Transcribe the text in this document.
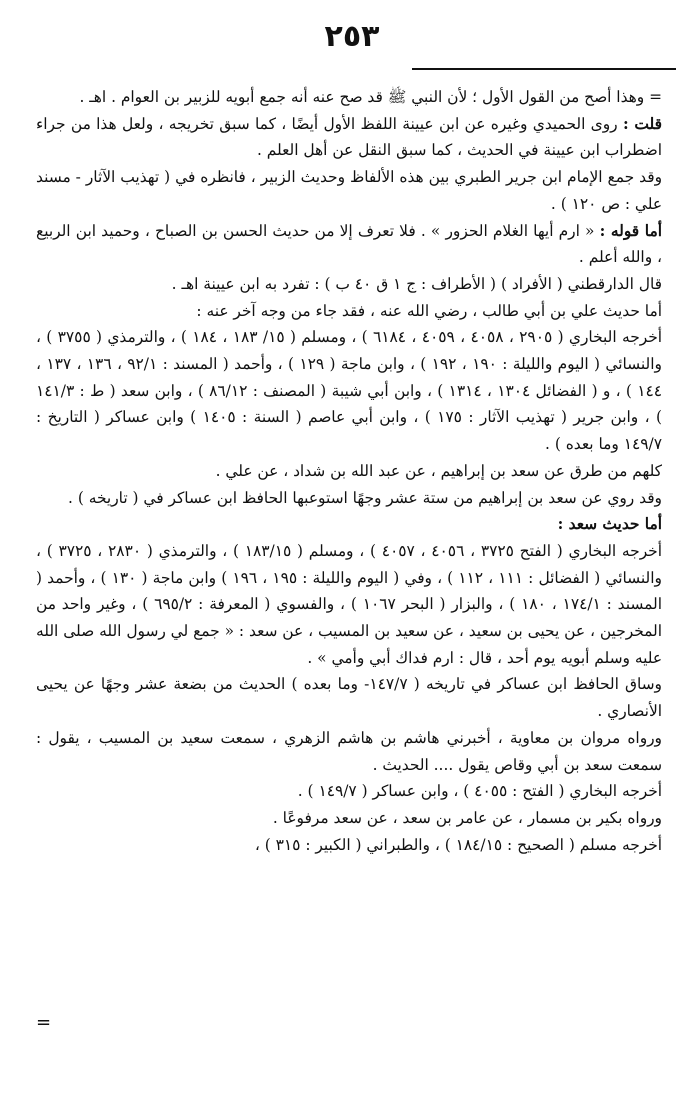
٢٥٣

= وهذا أصح من القول الأول ؛ لأن النبي ﷺ قد صح عنه أنه جمع أبويه للزبير بن العوام . اهـ .

قلت : روى الحميدي وغيره عن ابن عيينة اللفظ الأول أيضًا ، كما سبق تخريجه ، ولعل هذا من جراء اضطراب ابن عيينة في الحديث ، كما سبق النقل عن أهل العلم .

وقد جمع الإمام ابن جرير الطبري بين هذه الألفاظ وحديث الزبير ، فانظره في ( تهذيب الآثار - مسند علي : ص ١٢٠ ) .

أما قوله : « ارم أيها الغلام الحزور » . فلا تعرف إلا من حديث الحسن بن الصباح ، وحميد ابن الربيع ، والله أعلم .

قال الدارقطني ( الأفراد ) ( الأطراف : ج ١ ق ٤٠ ب ) : تفرد به ابن عيينة اهـ .

أما حديث علي بن أبي طالب ، رضي الله عنه ، فقد جاء من وجه آخر عنه :

أخرجه البخاري ( ٢٩٠٥ ، ٤٠٥٨ ، ٤٠٥٩ ، ٦١٨٤ ) ، ومسلم ( ١٥/ ١٨٣ ، ١٨٤ ) ، والترمذي ( ٣٧٥٥ ) ، والنسائي ( اليوم والليلة : ١٩٠ ، ١٩٢ ) ، وابن ماجة ( ١٢٩ ) ، وأحمد ( المسند : ٩٢/١ ، ١٣٦ ، ١٣٧ ، ١٤٤ ) ، و ( الفضائل ١٣٠٤ ، ١٣١٤ ) ، وابن أبي شيبة ( المصنف : ٨٦/١٢ ) ، وابن سعد ( ط : ١٤١/٣ ) ، وابن جرير ( تهذيب الآثار : ١٧٥ ) ، وابن أبي عاصم ( السنة : ١٤٠٥ ) وابن عساكر ( التاريخ : ١٤٩/٧ وما بعده ) .

كلهم من طرق عن سعد بن إبراهيم ، عن عبد الله بن شداد ، عن علي .

وقد روي عن سعد بن إبراهيم من ستة عشر وجهًا استوعبها الحافظ ابن عساكر في ( تاريخه ) .

أما حديث سعد :

أخرجه البخاري ( الفتح ٣٧٢٥ ، ٤٠٥٦ ، ٤٠٥٧ ) ، ومسلم ( ١٨٣/١٥ ) ، والترمذي ( ٢٨٣٠ ، ٣٧٢٥ ) ، والنسائي ( الفضائل : ١١١ ، ١١٢ ) ، وفي ( اليوم والليلة : ١٩٥ ، ١٩٦ ) وابن ماجة ( ١٣٠ ) ، وأحمد ( المسند : ١٧٤/١ ، ١٨٠ ) ، والبزار ( البحر ١٠٦٧ ) ، والفسوي ( المعرفة : ٦٩٥/٢ ) ، وغير واحد من المخرجين ، عن يحيى بن سعيد ، عن سعيد بن المسيب ، عن سعد : « جمع لي رسول الله صلى الله عليه وسلم أبويه يوم أحد ، قال : ارم فداك أبي وأمي » .

وساق الحافظ ابن عساكر في تاريخه ( ١٤٧/٧- وما بعده ) الحديث من بضعة عشر وجهًا عن يحيى الأنصاري .

ورواه مروان بن معاوية ، أخبرني هاشم بن هاشم الزهري ، سمعت سعيد بن المسيب ، يقول : سمعت سعد بن أبي وقاص يقول .... الحديث .

أخرجه البخاري ( الفتح : ٤٠٥٥ ) ، وابن عساكر ( ١٤٩/٧ ) .

ورواه بكير بن مسمار ، عن عامر بن سعد ، عن سعد مرفوعًا .

أخرجه مسلم ( الصحيح : ١٨٤/١٥ ) ، والطبراني ( الكبير : ٣١٥ ) ،

=
